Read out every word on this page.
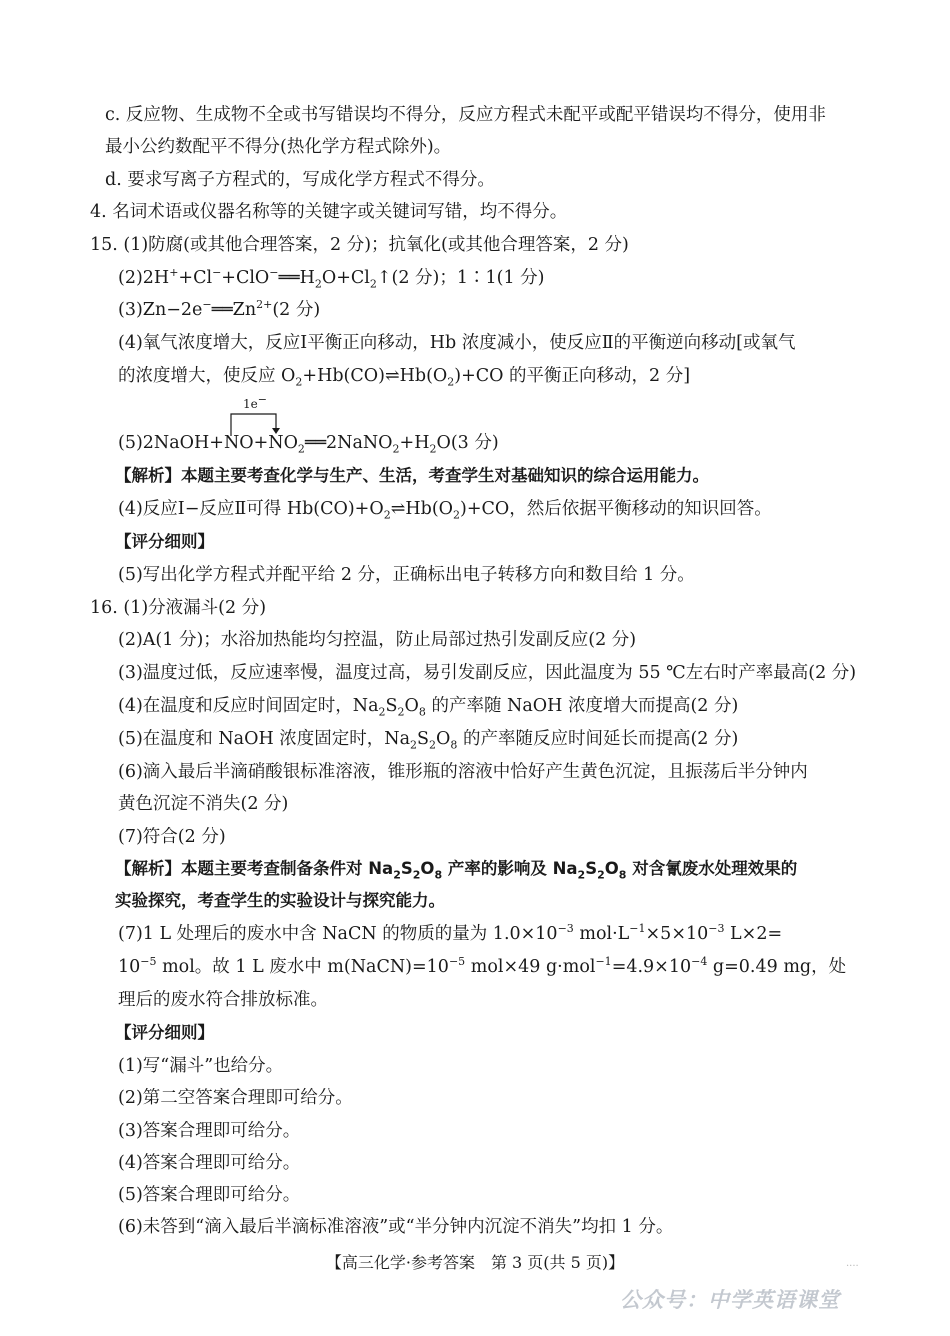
c. 反应物、生成物不全或书写错误均不得分，反应方程式未配平或配平错误均不得分，使用非
最小公约数配平不得分(热化学方程式除外)。
d. 要求写离子方程式的，写成化学方程式不得分。
4. 名词术语或仪器名称等的关键字或关键词写错，均不得分。
15. (1)防腐(或其他合理答案，2 分)；抗氧化(或其他合理答案，2 分)
$(2)2H^++Cl^-+ClO^-══H_2O+Cl_2↑(2$ 分)；1∶1(1 分)
$(3)Zn-2e^-══Zn^{2+}(2$ 分)
(4)氧气浓度增大，反应Ⅰ平衡正向移动，Hb 浓度减小，使反应Ⅱ的平衡逆向移动[或氧气
的浓度增大，使反应 $O_2+Hb(CO)\rightleftharpoons Hb(O_2)+CO$ 的平衡正向移动，2 分]
1e−
$(5)2NaOH+NO+NO_2══2NaNO_2+H_2O(3$ 分)
【解析】本题主要考查化学与生产、生活，考查学生对基础知识的综合运用能力。
(4)反应Ⅰ−反应Ⅱ可得 $Hb(CO)+O_2\rightleftharpoons Hb(O_2)+CO$，然后依据平衡移动的知识回答。
【评分细则】
(5)写出化学方程式并配平给 2 分，正确标出电子转移方向和数目给 1 分。
16. (1)分液漏斗(2 分)
(2)A(1 分)；水浴加热能均匀控温，防止局部过热引发副反应(2 分)
(3)温度过低，反应速率慢，温度过高，易引发副反应，因此温度为 55 ℃左右时产率最高(2 分)
(4)在温度和反应时间固定时，$Na_2S_2O_8$ 的产率随 NaOH 浓度增大而提高(2 分)
(5)在温度和 NaOH 浓度固定时，$Na_2S_2O_8$ 的产率随反应时间延长而提高(2 分)
(6)滴入最后半滴硝酸银标准溶液，锥形瓶的溶液中恰好产生黄色沉淀，且振荡后半分钟内
黄色沉淀不消失(2 分)
(7)符合(2 分)
【解析】本题主要考查制备条件对 $Na_2S_2O_8$ 产率的影响及 $Na_2S_2O_8$ 对含氰废水处理效果的
实验探究，考查学生的实验设计与探究能力。
(7)1 L 处理后的废水中含 NaCN 的物质的量为 $1.0\times 10^{-3}$ $mol\cdot L^{-1}\times 5\times 10^{-3}$ L×2=
$10^{-5}$ mol。故 1 L 废水中 $m(NaCN)=10^{-5}$ mol×49 $g\cdot mol^{-1}=4.9\times 10^{-4}$ g=0.49 mg，处
理后的废水符合排放标准。
【评分细则】
(1)写“漏斗”也给分。
(2)第二空答案合理即可给分。
(3)答案合理即可给分。
(4)答案合理即可给分。
(5)答案合理即可给分。
(6)未答到“滴入最后半滴标准溶液”或“半分钟内沉淀不消失”均扣 1 分。
【高三化学·参考答案　第 3 页(共 5 页)】	....
公众号：中学英语课堂
